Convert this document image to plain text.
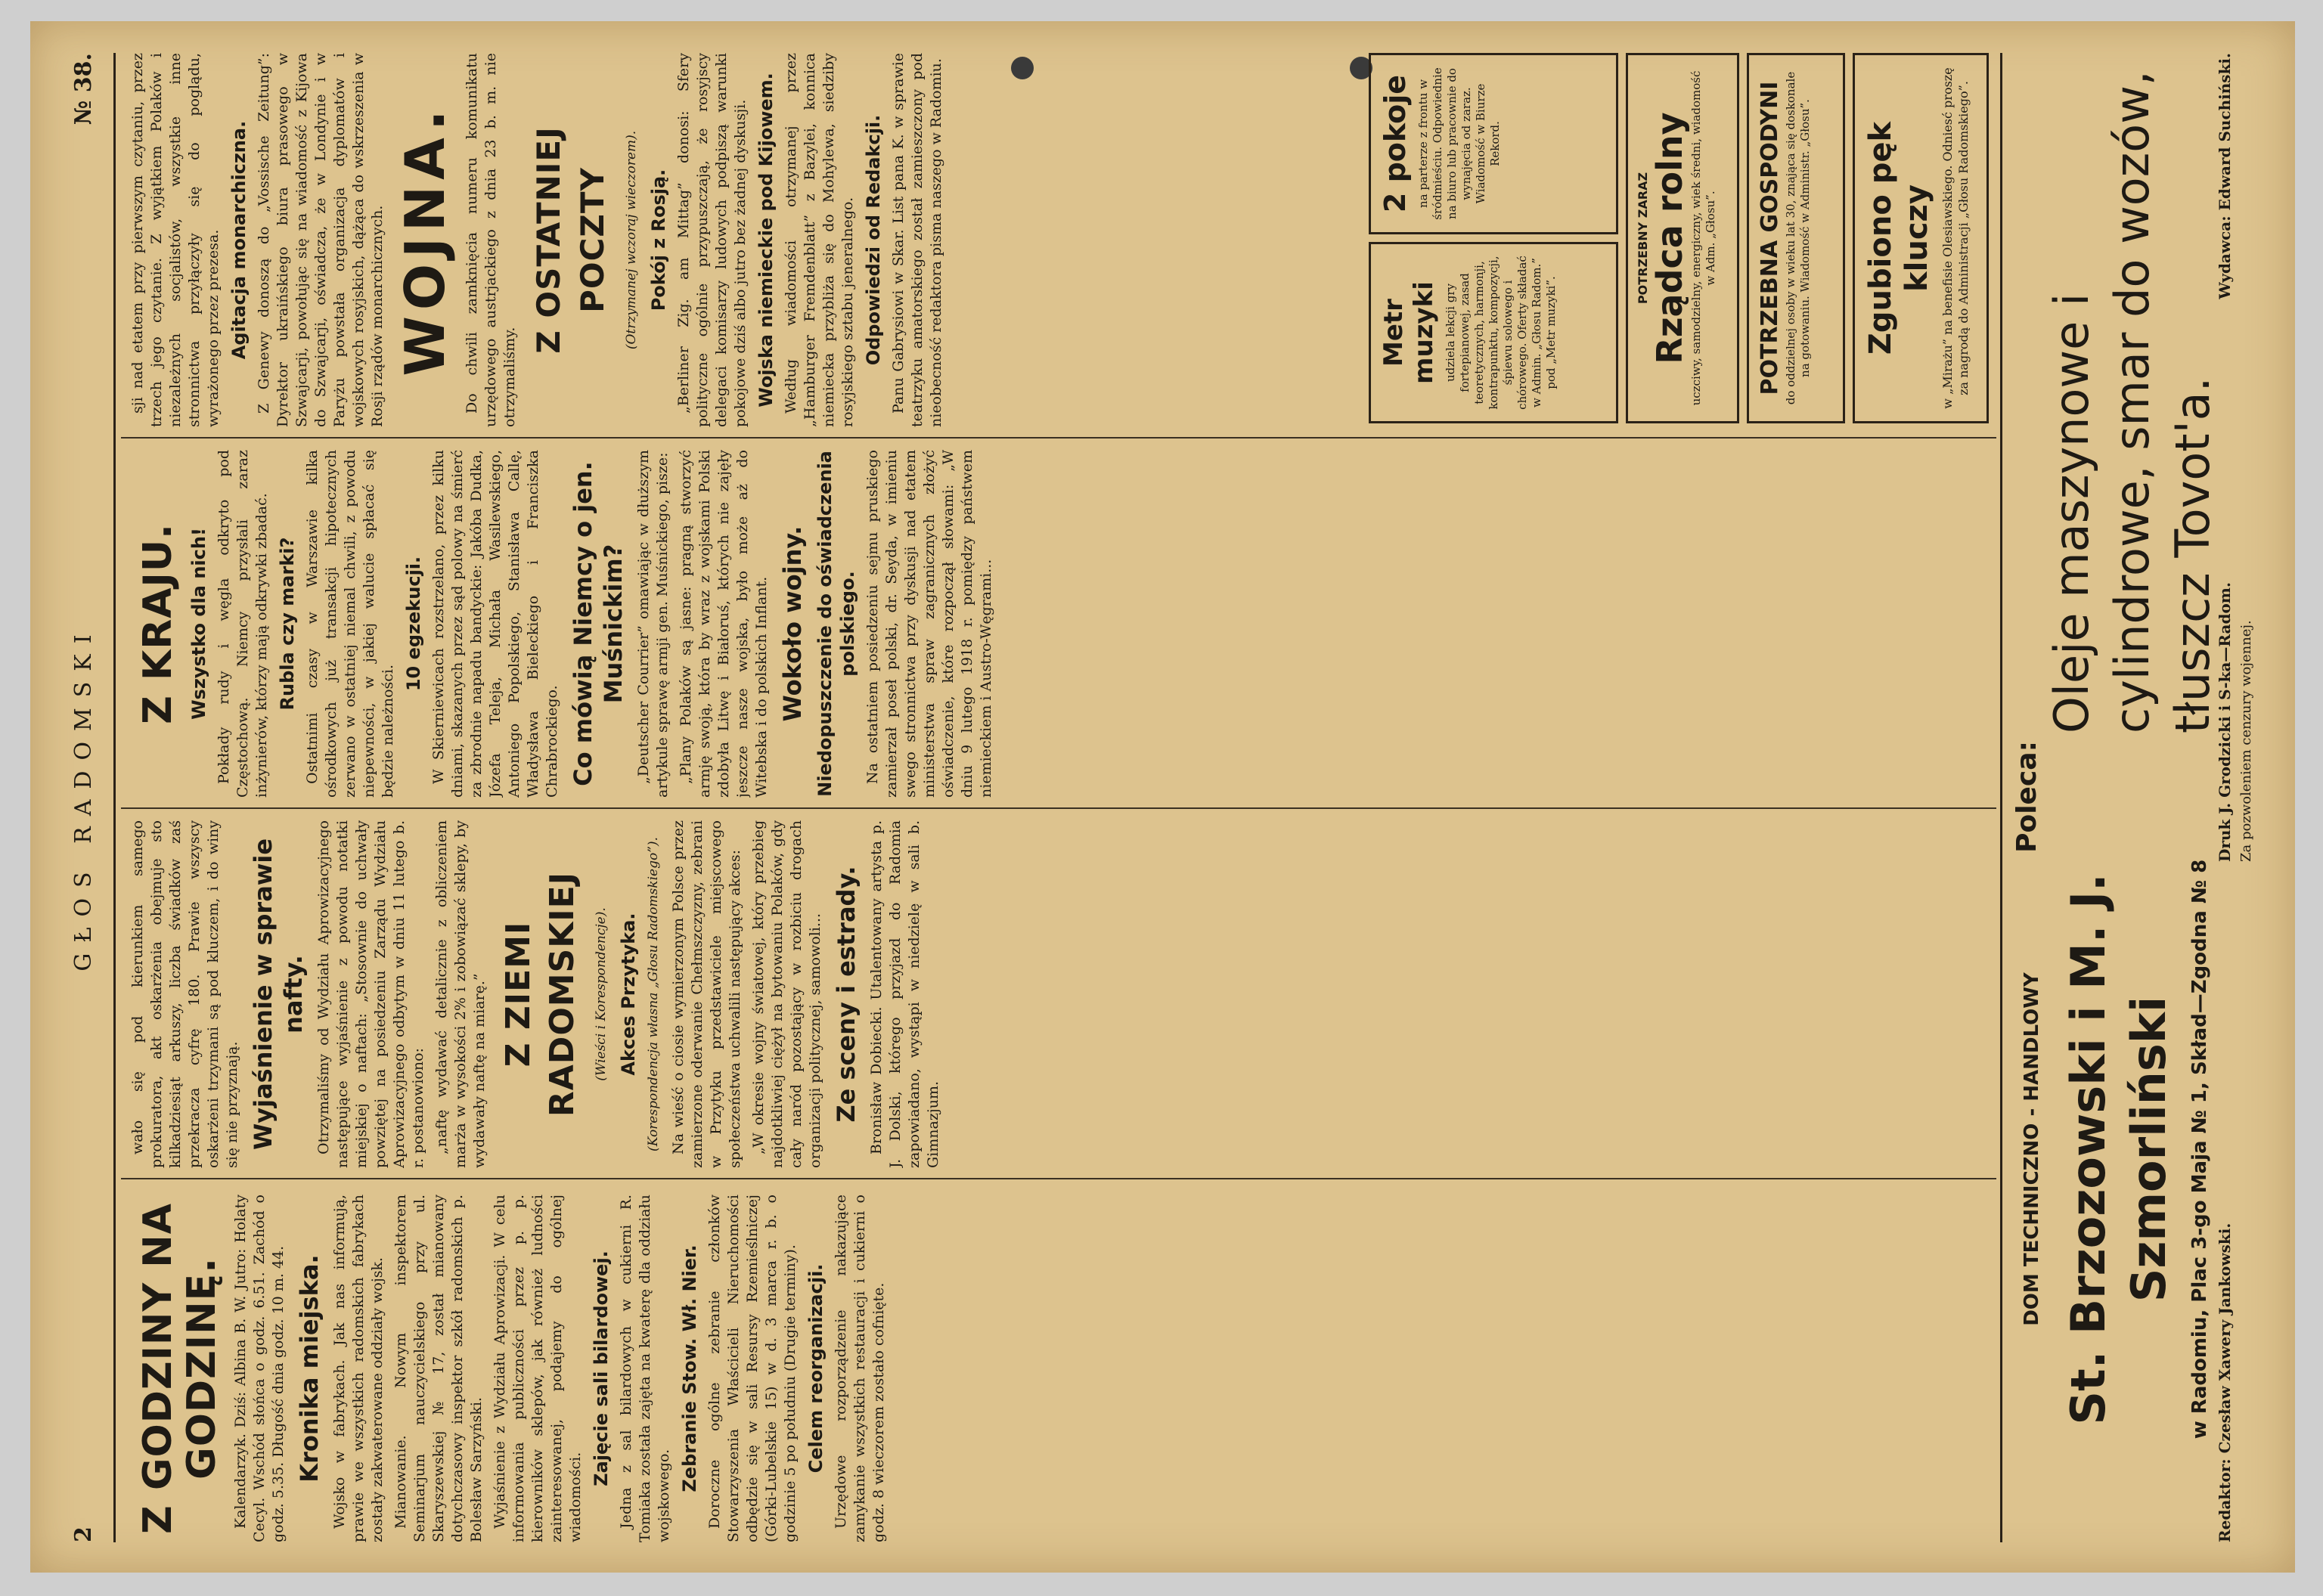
2
GŁOS RADOMSKI
№ 38.
Z GODZINY NA GODZINĘ. Kalendarzyk. Dziś: Albina B. W. Jutro: Holaty Cecyl. Wschód słońca o godz. 6.51. Zachód o godz. 5.35. Długość dnia godz. 10 m. 44. Kronika miejska. Wojsko w fabrykach. Jak nas informują, prawie we wszystkich radomskich fabrykach zostały zakwaterowane oddziały wojsk. Mianowanie. Nowym inspektorem Seminarjum nauczycielskiego przy ul. Skaryszewskiej № 17, został mianowany dotychczasowy inspektor szkół radomskich p. Bolesław Sarzyński. Wyjaśnienie z Wydziału Aprowizacji. W celu informowania publiczności przez p. p. kierowników sklepów, jak również ludności zainteresowanej, podajemy do ogólnej wiadomości.

Zajęcie sali bilardowej. Jedna z sal bilardowych w cukierni R. Tomiaka została zajęta na kwaterę dla oddziału wojskowego.

Zebranie Stow. Wł. Nier. Doroczne ogólne zebranie członków Stowarzyszenia Właścicieli Nieruchomości odbędzie się w sali Resursy Rzemieślniczej (Górki-Lubelskie 15) w d. 3 marca r. b. o godzinie 5 po południu (Drugie terminy). Celem reorganizacji. Urzędowe rozporządzenie nakazujące zamykanie wszystkich restauracji i cukierni o godz. 8 wieczorem zostało cofnięte.

wało się pod kierunkiem samego prokuratora, akt oskarżenia obejmuje sto kilkadziesiąt arkuszy, liczba świadków zaś przekracza cyfrę 180. Prawie wszyscy oskarżeni trzymani są pod kluczem, i do winy się nie przyznają. Wyjaśnienie w sprawie nafty. Otrzymaliśmy od Wydziału Aprowizacyjnego następujące wyjaśnienie z powodu notatki miejskiej o naftach: „Stosownie do uchwały powziętej na posiedzeniu Zarządu Wydziału Aprowizacyjnego odbytym w dniu 11 lutego b. r. postanowiono: „naftę wydawać detalicznie z obliczeniem marża w wysokości 2% i zobowiązać sklepy, by wydawały naftę na miarę.” Z ZIEMI RADOMSKIEJ (Wieści i Korespondencje). Akces Przytyka. (Korespondencja własna „Głosu Radomskiego”). Na wieść o ciosie wymierzonym Polsce przez zamierzone oderwanie Chełmszczyzny, zebrani w Przytyku przedstawiciele miejscowego społeczeństwa uchwalili następujący akces: „W okresie wojny światowej, który przebieg najdotkliwiej ciężył na bytowaniu Polaków, gdy cały naród pozostający w rozbiciu drogach organizacji politycznej, samowoli... Ze sceny i estrady. Bronisław Dobiecki. Utalentowany artysta p. J. Dolski, którego przyjazd do Radomia zapowiadano, wystąpi w niedzielę w sali b. Gimnazjum.

Z KRAJU. Wszystko dla nich! Pokłady rudy i węgla odkryto pod Częstochową. Niemcy przysłali zaraz inżynierów, którzy mają odkrywki zbadać. Rubla czy marki? Ostatnimi czasy w Warszawie kilka ośrodkowych już transakcji hipotecznych zerwano w ostatniej niemal chwili, z powodu niepewności, w jakiej walucie spłacać się będzie należności.

10 egzekucji. W Skierniewicach rozstrzelano, przez kilku dniami, skazanych przez sąd polowy na śmierć za zbrodnie napadu bandyckie: Jakóba Dudka, Józefa Teleja, Michała Wasilewskiego, Antoniego Popolskiego, Stanisława Callę, Władysława Bieleckiego i Franciszka Chrabrockiego. Co mówią Niemcy o jen. Muśnickim? „Deutscher Courrier” omawiając w dłuższym artykule sprawę armji gen. Muśnickiego, pisze: „Plany Polaków są jasne: pragną stworzyć armję swoją, która by wraz z wojskami Polski zdobyła Litwę i Białoruś, których nie zajęły jeszcze nasze wojska, było może aż do Witebska i do polskich Inflant. Wokoło wojny. Niedopuszczenie do oświadczenia polskiego. Na ostatniem posiedzeniu sejmu pruskiego zamierzał poseł polski, dr. Seyda, w imieniu swego stronnictwa przy dyskusji nad etatem ministerstwa spraw zagranicznych złożyć oświadczenie, które rozpoczął słowami: „W dniu 9 lutego 1918 r. pomiędzy państwem niemieckiem i Austro-Węgrami...

sji nad etatem przy pierwszym czytaniu, przez trzech jego czytanie. Z wyjątkiem Polaków i niezależnych socjalistów, wszystkie inne stronnictwa przyłączyły się do poglądu, wyrażonego przez prezesa. Agitacja monarchiczna. Z Genewy donoszą do „Vossische Zeitung”: Dyrektor ukraińskiego biura prasowego w Szwajcarji, powołując się na wiadomość z Kijowa do Szwajcarji, oświadcza, że w Londynie i w Paryżu powstała organizacja dyplomatów i wojskowych rosyjskich, dążąca do wskrzeszenia w Rosji rządów monarchicznych. WOJNA. Do chwili zamknięcia numeru komunikatu urzędowego austrjackiego z dnia 23 b. m. nie otrzymaliśmy.

Z OSTATNIEJ POCZTY (Otrzymanej wczoraj wieczorem). Pokój z Rosją. „Berliner Zig. am Mittag” donosi: Sfery polityczne ogólnie przypuszczają, że rosyjscy delegaci komisarzy ludowych podpiszą warunki pokojowe dziś albo jutro bez żadnej dyskusji. Wojska niemieckie pod Kijowem. Według wiadomości otrzymanej przez „Hamburger Fremdenblatt” z Bazylei, konnica niemiecka przybliża się do Mohylewa, siedziby rosyjskiego sztabu jeneralnego. Odpowiedzi od Redakcji. Panu Gabrysiowi w Skar. List pana K. w sprawie teatrzyku amatorskiego został zamieszczony pod nieobecność redaktora pisma naszego w Radomiu.	Metr muzyki udziela lekcji gry fortepianowej, zasad teoretycznych, harmonji, kontrapunktu, kompozycji, śpiewu solowego i chórowego. Oferty składać w Admin. „Głosu Radom.” pod „Metr muzyki”.
2 pokoje na parterze z frontu w śródmieściu. Odpowiednie na biuro lub pracownie do wynajęcia od zaraz. Wiadomość w Biurze Rekord.
POTRZEBNY ZARAZ Rządca rolny uczciwy, samodzielny, energiczny, wiek średni, wiadomość w Adm. „Głosu”. POTRZEBNA GOSPODYNI do oddzielnej osoby w wieku lat 30, znająca się doskonale na gotowaniu. Wiadomość w Administr. „Głosu”. Zgubiono pęk kluczy w „Mirażu” na benefisie Olesiawskiego. Odniesć proszę za nagrodą do Administracji „Głosu Radomskiego”.
Poleca:
DOM TECHNICZNO - HANDLOWY St. Brzozowski i M. J. Szmorliński w Radomiu, Plac 3-go Maja № 1, Skład—Zgodna № 8
Oleje maszynowe i cylindrowe, smar do wozów, tłuszcz Tovot'a.
Redaktor: Czesław Xawery Jankowski.
Druk J. Grodzicki i S-ka—Radom. Za pozwoleniem cenzury wojennej.
Wydawca: Edward Suchiński.
